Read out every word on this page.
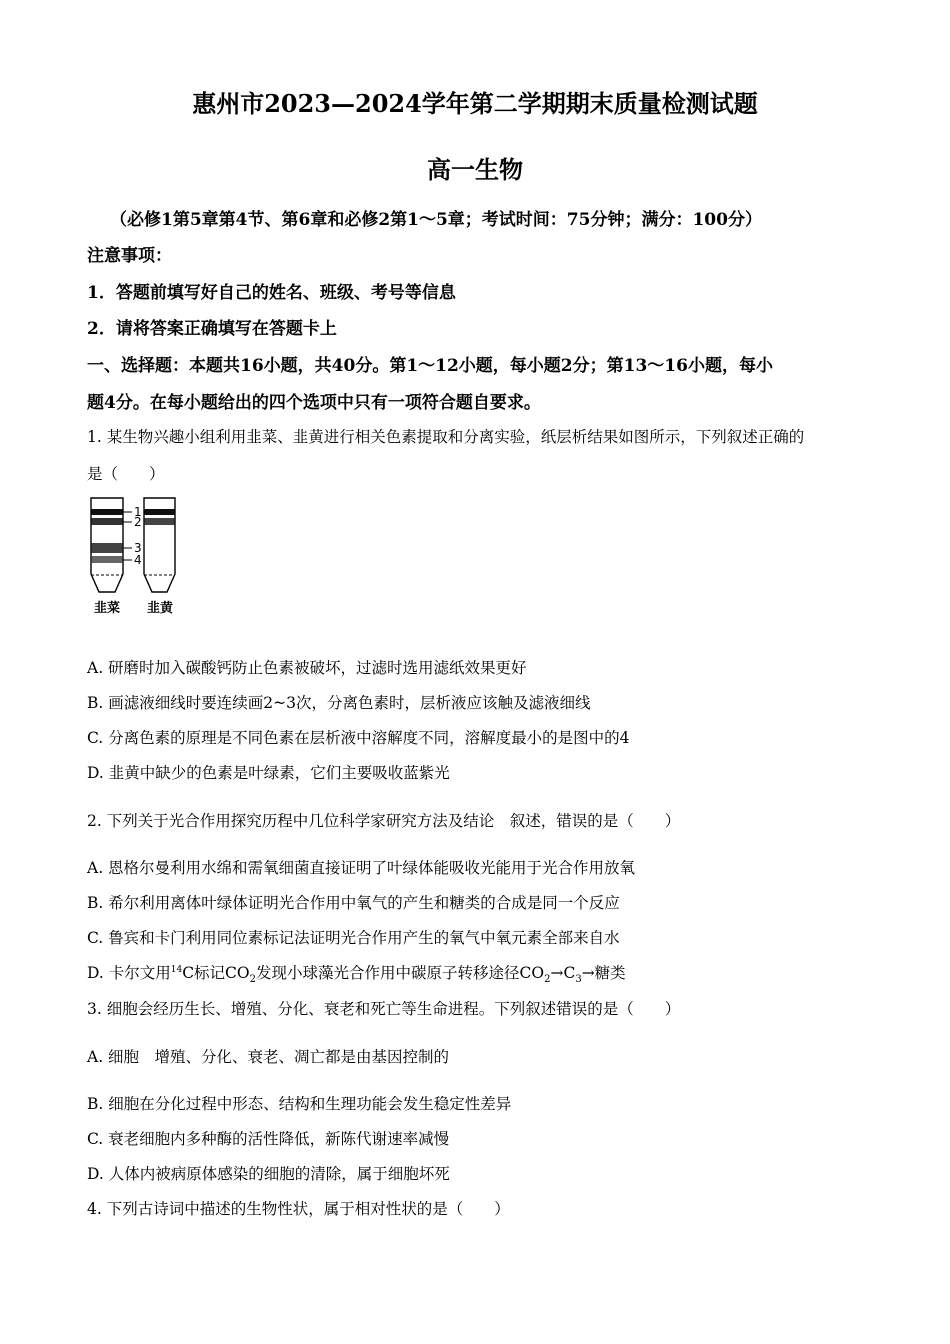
惠州市2023—2024学年第二学期期末质量检测试题
高一生物
（必修1第5章第4节、第6章和必修2第1～5章；考试时间：75分钟；满分：100分）
注意事项：
1．答题前填写好自己的姓名、班级、考号等信息
2．请将答案正确填写在答题卡上
一、选择题：本题共16小题，共40分。第1～12小题，每小题2分；第13～16小题，每小
题4分。在每小题给出的四个选项中只有一项符合题自要求。
1. 某生物兴趣小组利用韭菜、韭黄进行相关色素提取和分离实验，纸层析结果如图所示，下列叙述正确的
是（　　）
1
2
3
4
韭菜 韭黄
A. 研磨时加入碳酸钙防止色素被破坏，过滤时选用滤纸效果更好
B. 画滤液细线时要连续画2~3次，分离色素时，层析液应该触及滤液细线
C. 分离色素的原理是不同色素在层析液中溶解度不同，溶解度最小的是图中的4
D. 韭黄中缺少的色素是叶绿素，它们主要吸收蓝紫光
2. 下列关于光合作用探究历程中几位科学家研究方法及结论　叙述，错误的是（　　）
A. 恩格尔曼利用水绵和需氧细菌直接证明了叶绿体能吸收光能用于光合作用放氧
B. 希尔利用离体叶绿体证明光合作用中氧气的产生和糖类的合成是同一个反应
C. 鲁宾和卡门利用同位素标记法证明光合作用产生的氧气中氧元素全部来自水
D. 卡尔文用$^{14}$C标记$CO_2$发现小球藻光合作用中碳原子转移途径$CO_2\to C_3\to$糖类
3. 细胞会经历生长、增殖、分化、衰老和死亡等生命进程。下列叙述错误的是（　　）
A. 细胞　增殖、分化、衰老、凋亡都是由基因控制的
B. 细胞在分化过程中形态、结构和生理功能会发生稳定性差异
C. 衰老细胞内多种酶的活性降低，新陈代谢速率减慢
D. 人体内被病原体感染的细胞的清除，属于细胞坏死
4. 下列古诗词中描述的生物性状，属于相对性状的是（　　）
